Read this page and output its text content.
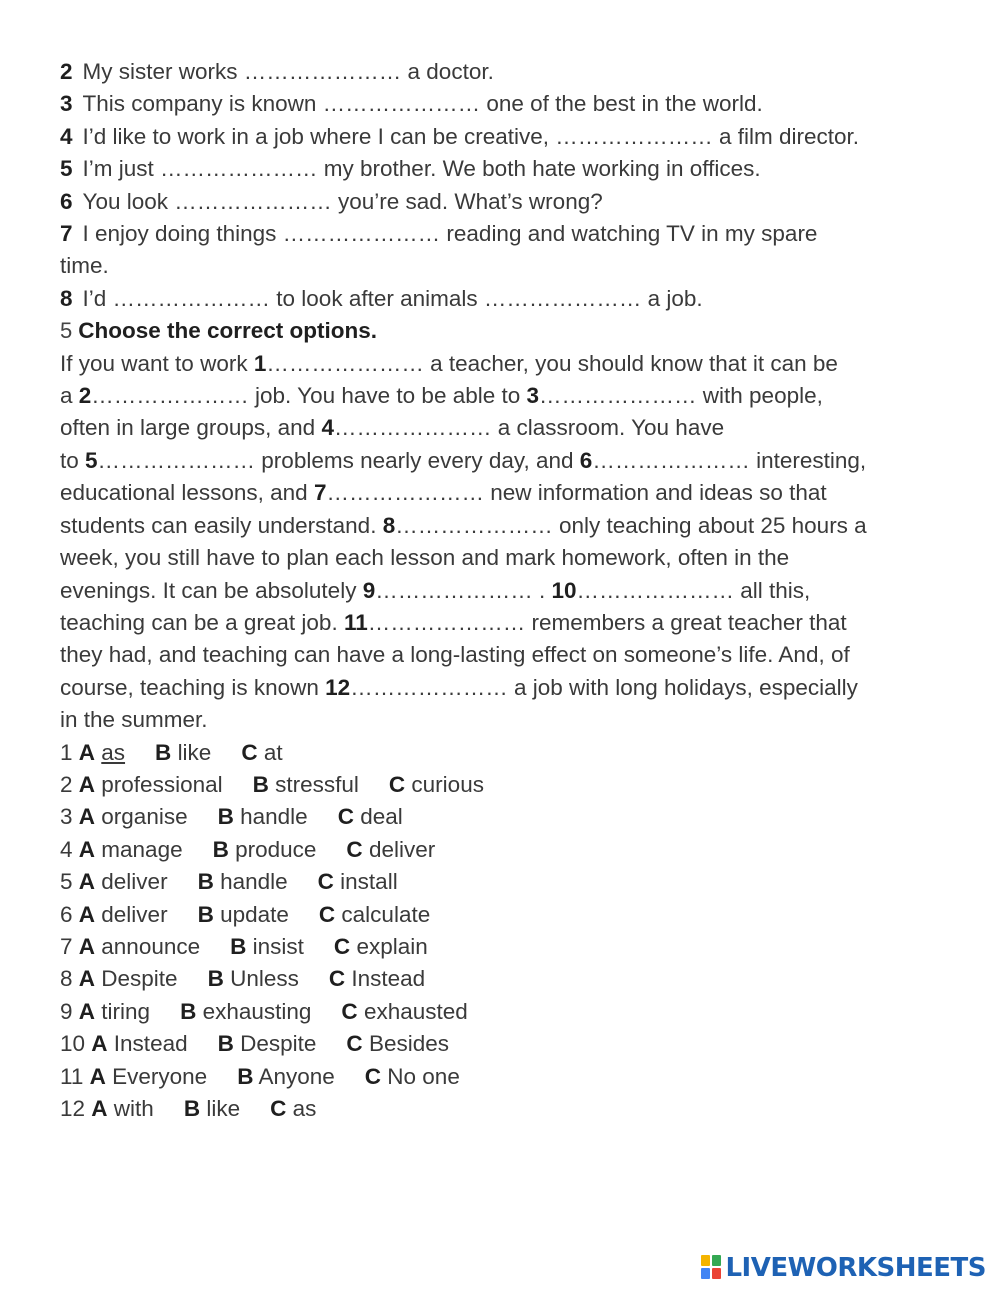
2 My sister works ………………… a doctor.
3 This company is known ………………… one of the best in the world.
4 I’d like to work in a job where I can be creative, ………………… a film director.
5 I’m just ………………… my brother. We both hate working in offices.
6 You look ………………… you’re sad. What’s wrong?
7 I enjoy doing things ………………… reading and watching TV in my spare
time.
8 I’d ………………… to look after animals ………………… a job.
5 Choose the correct options.
If you want to work 1………………… a teacher, you should know that it can be
a 2………………… job. You have to be able to 3………………… with people,
often in large groups, and 4………………… a classroom. You have
to 5………………… problems nearly every day, and 6………………… interesting,
educational lessons, and 7………………… new information and ideas so that
students can easily understand. 8………………… only teaching about 25 hours a
week, you still have to plan each lesson and mark homework, often in the
evenings. It can be absolutely 9………………… . 10………………… all this,
teaching can be a great job. 11………………… remembers a great teacher that
they had, and teaching can have a long-lasting effect on someone’s life. And, of
course, teaching is known 12………………… a job with long holidays, especially
in the summer.
1 A as B like C at
2 A professional B stressful C curious
3 A organise B handle C deal
4 A manage B produce C deliver
5 A deliver B handle C install
6 A deliver B update C calculate
7 A announce B insist C explain
8 A Despite B Unless C Instead
9 A tiring B exhausting C exhausted
10 A Instead B Despite C Besides
11 A Everyone B Anyone C No one
12 A with B like C as
LIVEWORKSHEETS
